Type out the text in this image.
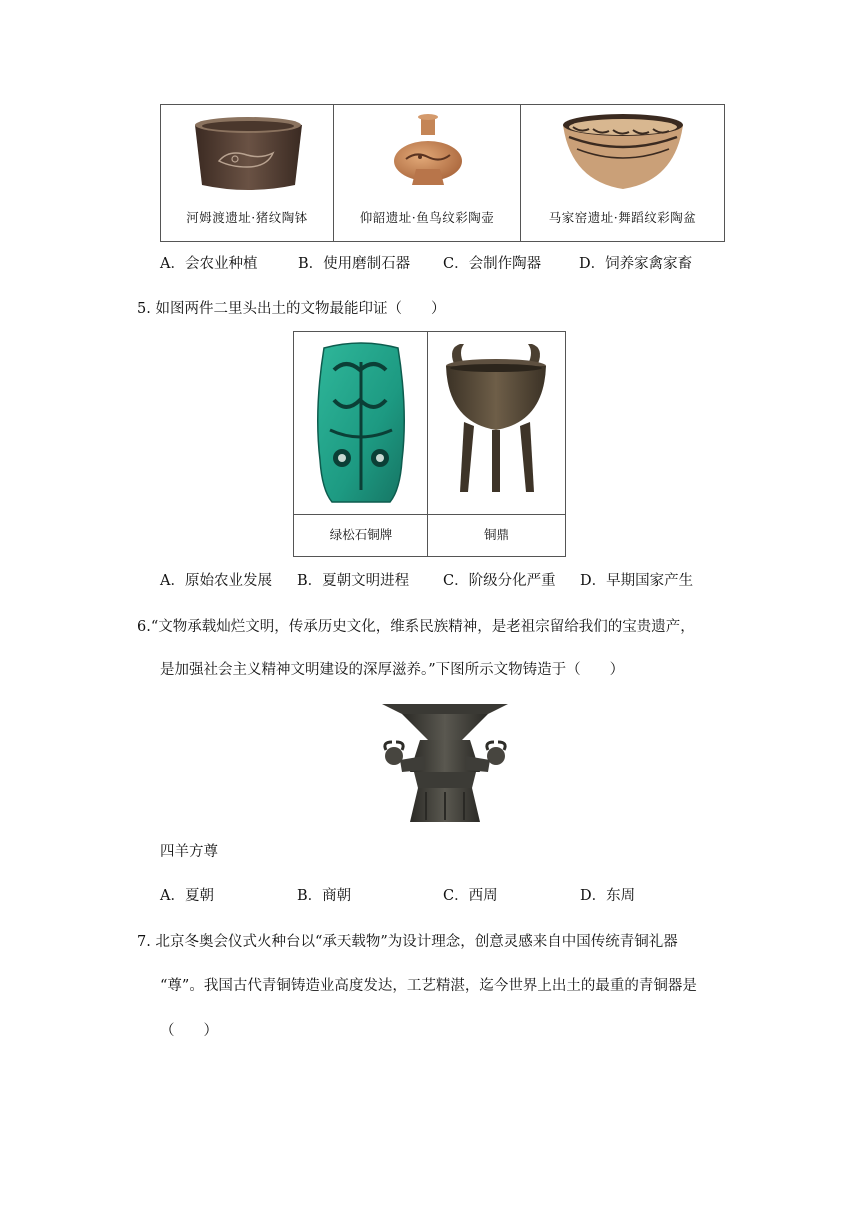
河姆渡遗址·猪纹陶钵	仰韶遗址·鱼鸟纹彩陶壶	马家窑遗址·舞蹈纹彩陶盆
A．会农业种植	B．使用磨制石器 C．会制作陶器	D．饲养家禽家畜
5. 如图两件二里头出土的文物最能印证（　　）
绿松石铜牌	铜鼎
A．原始农业发展 B．夏朝文明进程 C．阶级分化严重 D．早期国家产生
6.“文物承载灿烂文明，传承历史文化，维系民族精神，是老祖宗留给我们的宝贵遗产，
是加强社会主义精神文明建设的深厚滋养。”下图所示文物铸造于（　　）
四羊方尊
A．夏朝	B．商朝	C．西周	D．东周
7. 北京冬奥会仪式火种台以“承天载物”为设计理念，创意灵感来自中国传统青铜礼器
“尊”。我国古代青铜铸造业高度发达，工艺精湛，迄今世界上出土的最重的青铜器是
（　　）
